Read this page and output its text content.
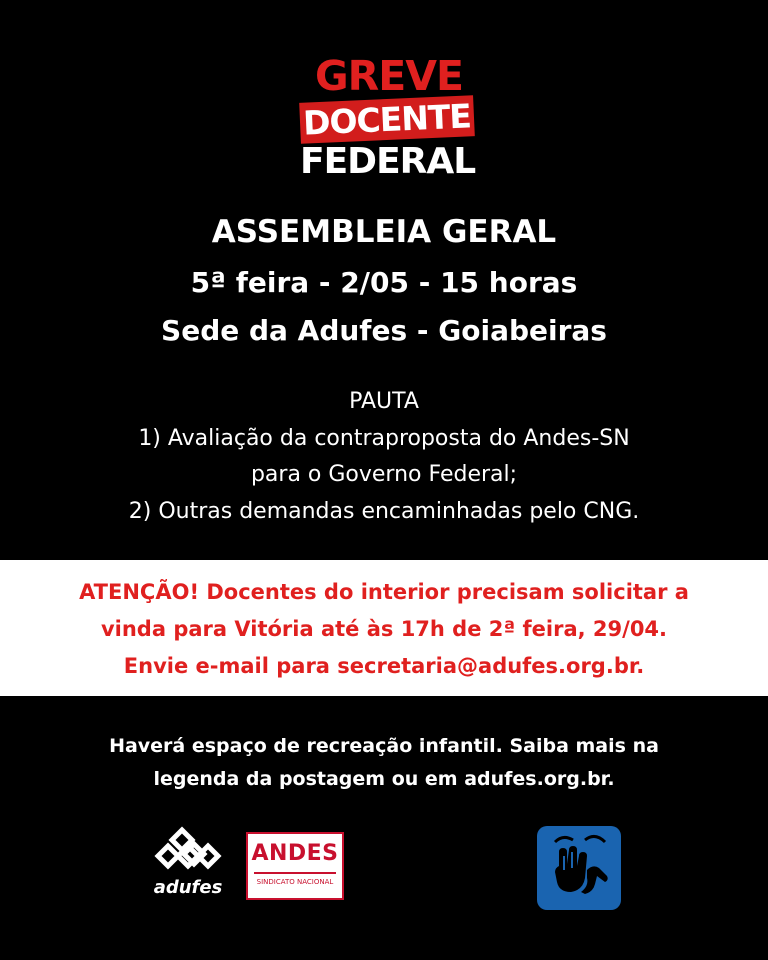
GREVE
DOCENTE
FEDERAL
ASSEMBLEIA GERAL
5ª feira - 2/05 - 15 horas
Sede da Adufes - Goiabeiras
PAUTA
1) Avaliação da contraproposta do Andes-SN
para o Governo Federal;
2) Outras demandas encaminhadas pelo CNG.
ATENÇÃO! Docentes do interior precisam solicitar a
vinda para Vitória até às 17h de 2ª feira, 29/04.
Envie e-mail para secretaria@adufes.org.br.
Haverá espaço de recreação infantil. Saiba mais na
legenda da postagem ou em adufes.org.br.
adufes
ANDES
SINDICATO NACIONAL
